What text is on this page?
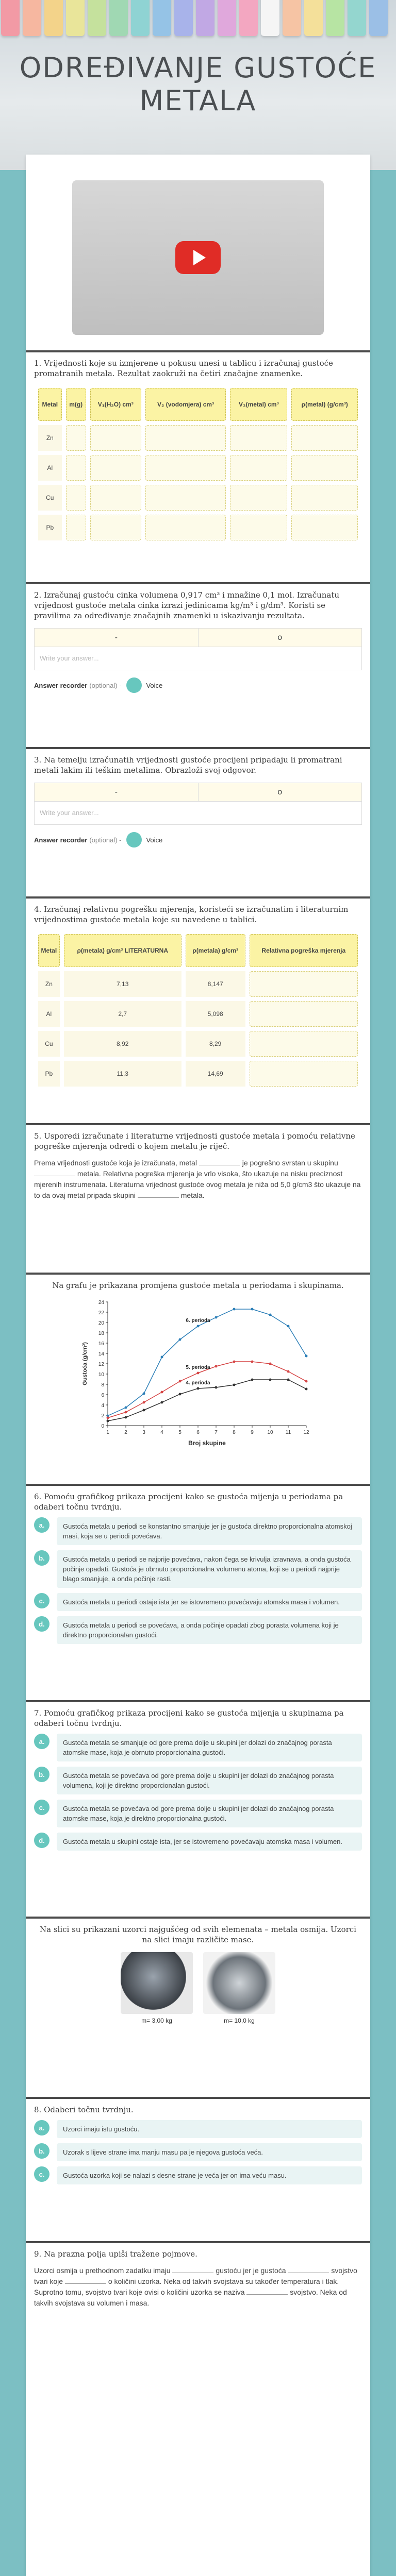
ODREĐIVANJE GUSTOĆE METALA

1. Vrijednosti koje su izmjerene u pokusu unesi u tablicu i izračunaj gustoće promatranih metala. Rezultat zaokruži na četiri značajne znamenke.

Metal	m(g)	V₁(H₂O) cm³	V₂ (vodomjera) cm³	V₃(metal) cm³	ρ(metal) (g/cm³)
Zn					
Al					
Cu					
Pb					

2. Izračunaj gustoću cinka volumena 0,917 cm³ i mnažine 0,1 mol. Izračunatu vrijednost gustoće metala cinka izrazi jedinicama kg/m³ i g/dm³. Koristi se pravilima za određivanje značajnih znamenki u iskazivanju rezultata.

-	o
Write your answer...
Answer recorder (optional) -	Voice

3. Na temelju izračunatih vrijednosti gustoće procijeni pripadaju li promatrani metali lakim ili teškim metalima. Obrazloži svoj odgovor.

-	o
Write your answer...
Answer recorder (optional) -	Voice

4. Izračunaj relativnu pogrešku mjerenja, koristeći se izračunatim i literaturnim vrijednostima gustoće metala koje su navedene u tablici.

Metal	ρ(metala) g/cm³ LITERATURNA	ρ(metala) g/cm³	Relativna pogreška mjerenja
Zn	7,13	8,147	
Al	2,7	5,098	
Cu	8,92	8,29	
Pb	11,3	14,69	

5. Usporedi izračunate i literaturne vrijednosti gustoće metala i pomoću relativne pogreške mjerenja odredi o kojem metalu je riječ.

Prema vrijednosti gustoće koja je izračunata, metal	je pogrešno svrstan u skupinu  metala. Relativna pogreška mjerenja je vrlo visoka, što ukazuje na nisku preciznost mjerenih instrumenata. Literaturna vrijednost gustoće ovog metala je niža od 5,0 g/cm3 što ukazuje na to da ovaj metal pripada skupini	metala.

Na grafu je prikazana promjena gustoće metala u periodama i skupinama.

0
2
4
6
8
10
12
14
16
18
20
22
24
1	2	3	4	5	6	7	8	9	10 11 12
Broj skupine
Gustoća (g/cm³)
6. perioda
5. perioda
4. perioda

6. Pomoću grafičkog prikaza procijeni kako se gustoća mijenja u periodama pa odaberi točnu tvrdnju.

a.	Gustoća metala u periodi se konstantno smanjuje jer je gustoća direktno proporcionalna atomskoj masi, koja se u periodi povećava.
b.	Gustoća metala u periodi se najprije povećava, nakon čega se krivulja izravnava, a onda gustoća počinje opadati. Gustoća je obrnuto proporcionalna volumenu atoma, koji se u periodi najprije blago smanjuje, a onda počinje rasti.
c.	Gustoća metala u periodi ostaje ista jer se istovremeno povećavaju atomska masa i volumen.
d.	Gustoća metala u periodi se povećava, a onda počinje opadati zbog porasta volumena koji je direktno proporcionalan gustoći.

7. Pomoću grafičkog prikaza procijeni kako se gustoća mijenja u skupinama pa odaberi točnu tvrdnju.

a.	Gustoća metala se smanjuje od gore prema dolje u skupini jer dolazi do značajnog porasta atomske mase, koja je obrnuto proporcionalna gustoći.
b.	Gustoća metala se povećava od gore prema dolje u skupini jer dolazi do značajnog porasta volumena, koji je direktno proporcionalan gustoći.
c.	Gustoća metala se povećava od gore prema dolje u skupini jer dolazi do značajnog porasta atomske mase, koja je direktno proporcionalna gustoći.
d.	Gustoća metala u skupini ostaje ista, jer se istovremeno povećavaju atomska masa i volumen.

Na slici su prikazani uzorci najgušćeg od svih elemenata – metala osmija. Uzorci na slici imaju različite mase.

m= 3,00 kg	m= 10,0 kg

8. Odaberi točnu tvrdnju.

a.	Uzorci imaju istu gustoću.
b.	Uzorak s lijeve strane ima manju masu pa je njegova gustoća veća.
c.	Gustoća uzorka koji se nalazi s desne strane je veća jer on ima veću masu.

9. Na prazna polja upiši tražene pojmove.

Uzorci osmija u prethodnom zadatku imaju	gustoću jer je gustoća	svojstvo tvari koje	o količini uzorka. Neka od takvih svojstava su također temperatura i tlak. Suprotno tomu, svojstvo tvari koje ovisi o količini uzorka se naziva	svojstvo. Neka od takvih svojstava su volumen i masa.
